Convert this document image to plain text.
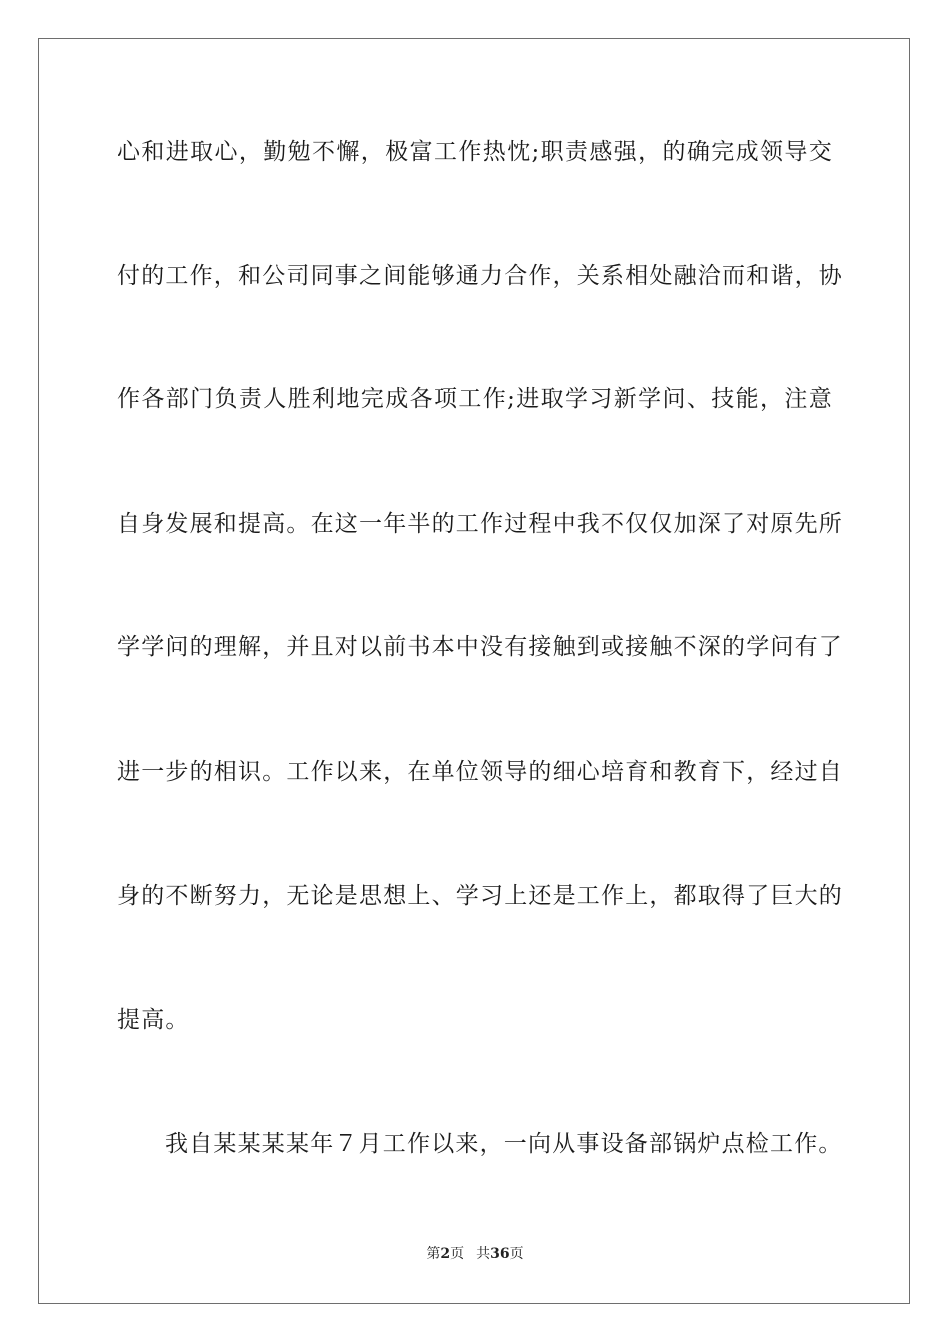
心和进取心，勤勉不懈，极富工作热忱;职责感强，的确完成领导交
付的工作，和公司同事之间能够通力合作，关系相处融洽而和谐，协
作各部门负责人胜利地完成各项工作;进取学习新学问、技能，注意
自身发展和提高。在这一年半的工作过程中我不仅仅加深了对原先所
学学问的理解，并且对以前书本中没有接触到或接触不深的学问有了
进一步的相识。工作以来，在单位领导的细心培育和教育下，经过自
身的不断努力，无论是思想上、学习上还是工作上，都取得了巨大的
提高。
我自某某某某年７月工作以来，一向从事设备部锅炉点检工作。
第2页 共36页
